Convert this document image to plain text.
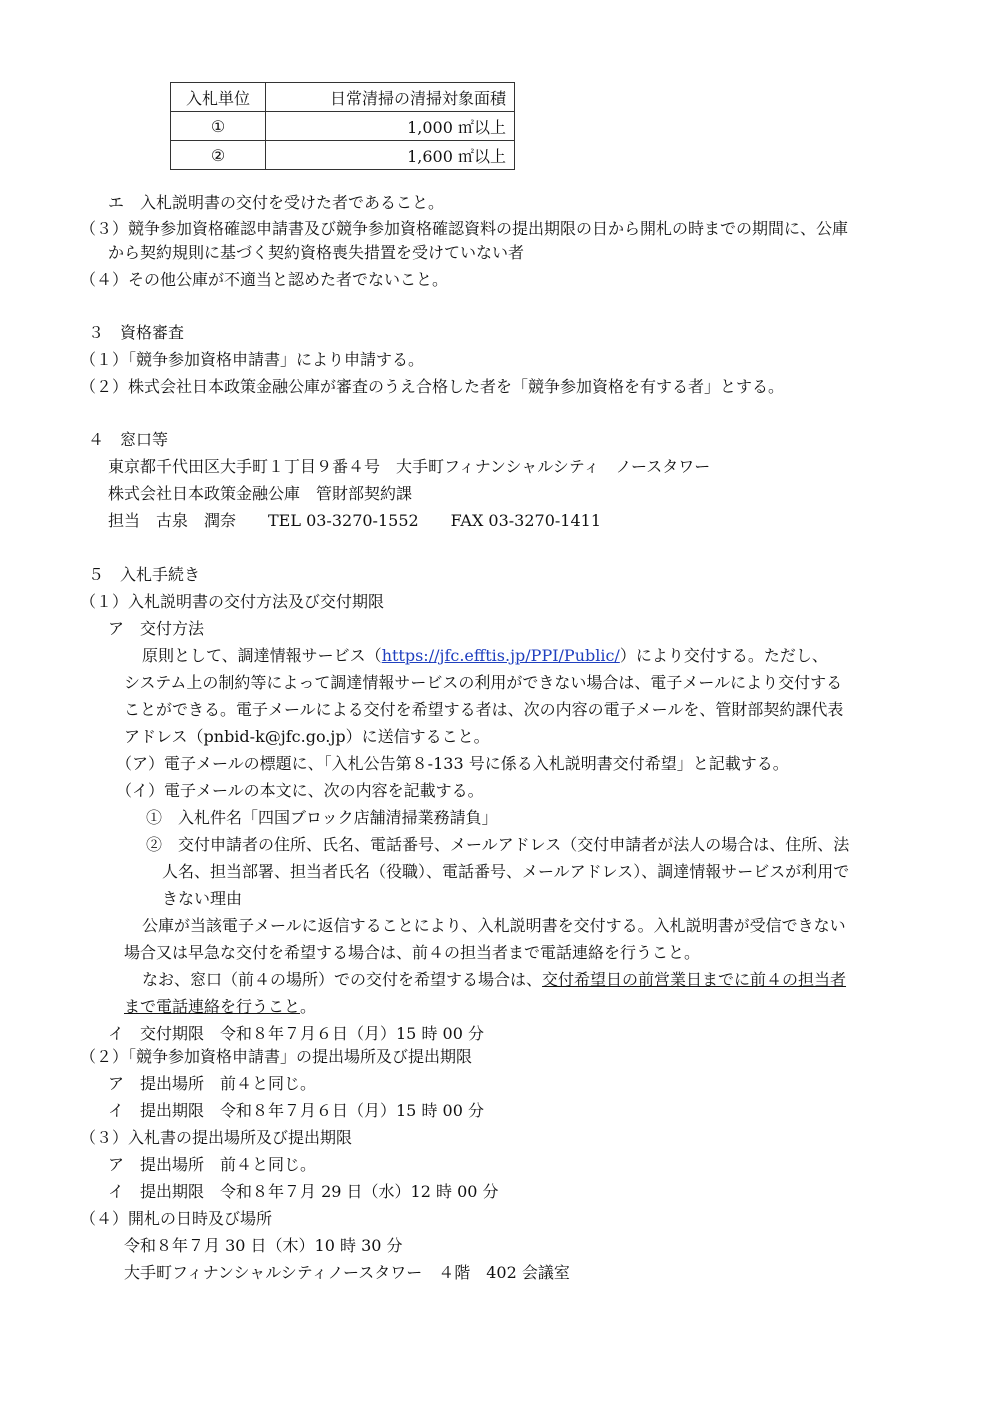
入札単位	日常清掃の清掃対象面積
①	1,000 ㎡以上
②	1,600 ㎡以上
エ　入札説明書の交付を受けた者であること。
（３）競争参加資格確認申請書及び競争参加資格確認資料の提出期限の日から開札の時までの期間に、公庫
から契約規則に基づく契約資格喪失措置を受けていない者
（４）その他公庫が不適当と認めた者でないこと。
３　資格審査
（１）「競争参加資格申請書」により申請する。
（２）株式会社日本政策金融公庫が審査のうえ合格した者を「競争参加資格を有する者」とする。
４　窓口等
東京都千代田区大手町１丁目９番４号　大手町フィナンシャルシティ　ノースタワー
株式会社日本政策金融公庫　管財部契約課
担当　古泉　潤奈　　TEL 03-3270-1552　　FAX 03-3270-1411
５　入札手続き
（１）入札説明書の交付方法及び交付期限
ア　交付方法
原則として、調達情報サービス（https://jfc.efftis.jp/PPI/Public/）により交付する。ただし、
システム上の制約等によって調達情報サービスの利用ができない場合は、電子メールにより交付する
ことができる。電子メールによる交付を希望する者は、次の内容の電子メールを、管財部契約課代表
アドレス（pnbid-k@jfc.go.jp）に送信すること。
（ア）電子メールの標題に、「入札公告第８-133 号に係る入札説明書交付希望」と記載する。
（イ）電子メールの本文に、次の内容を記載する。
①　入札件名「四国ブロック店舗清掃業務請負」
②　交付申請者の住所、氏名、電話番号、メールアドレス（交付申請者が法人の場合は、住所、法
人名、担当部署、担当者氏名（役職）、電話番号、メールアドレス）、調達情報サービスが利用で
きない理由
公庫が当該電子メールに返信することにより、入札説明書を交付する。入札説明書が受信できない
場合又は早急な交付を希望する場合は、前４の担当者まで電話連絡を行うこと。
なお、窓口（前４の場所）での交付を希望する場合は、交付希望日の前営業日までに前４の担当者
まで電話連絡を行うこと。
イ　交付期限　令和８年７月６日（月）15 時 00 分
（２）「競争参加資格申請書」の提出場所及び提出期限
ア　提出場所　前４と同じ。
イ　提出期限　令和８年７月６日（月）15 時 00 分
（３）入札書の提出場所及び提出期限
ア　提出場所　前４と同じ。
イ　提出期限　令和８年７月 29 日（水）12 時 00 分
（４）開札の日時及び場所
令和８年７月 30 日（木）10 時 30 分
大手町フィナンシャルシティノースタワー　４階　402 会議室
